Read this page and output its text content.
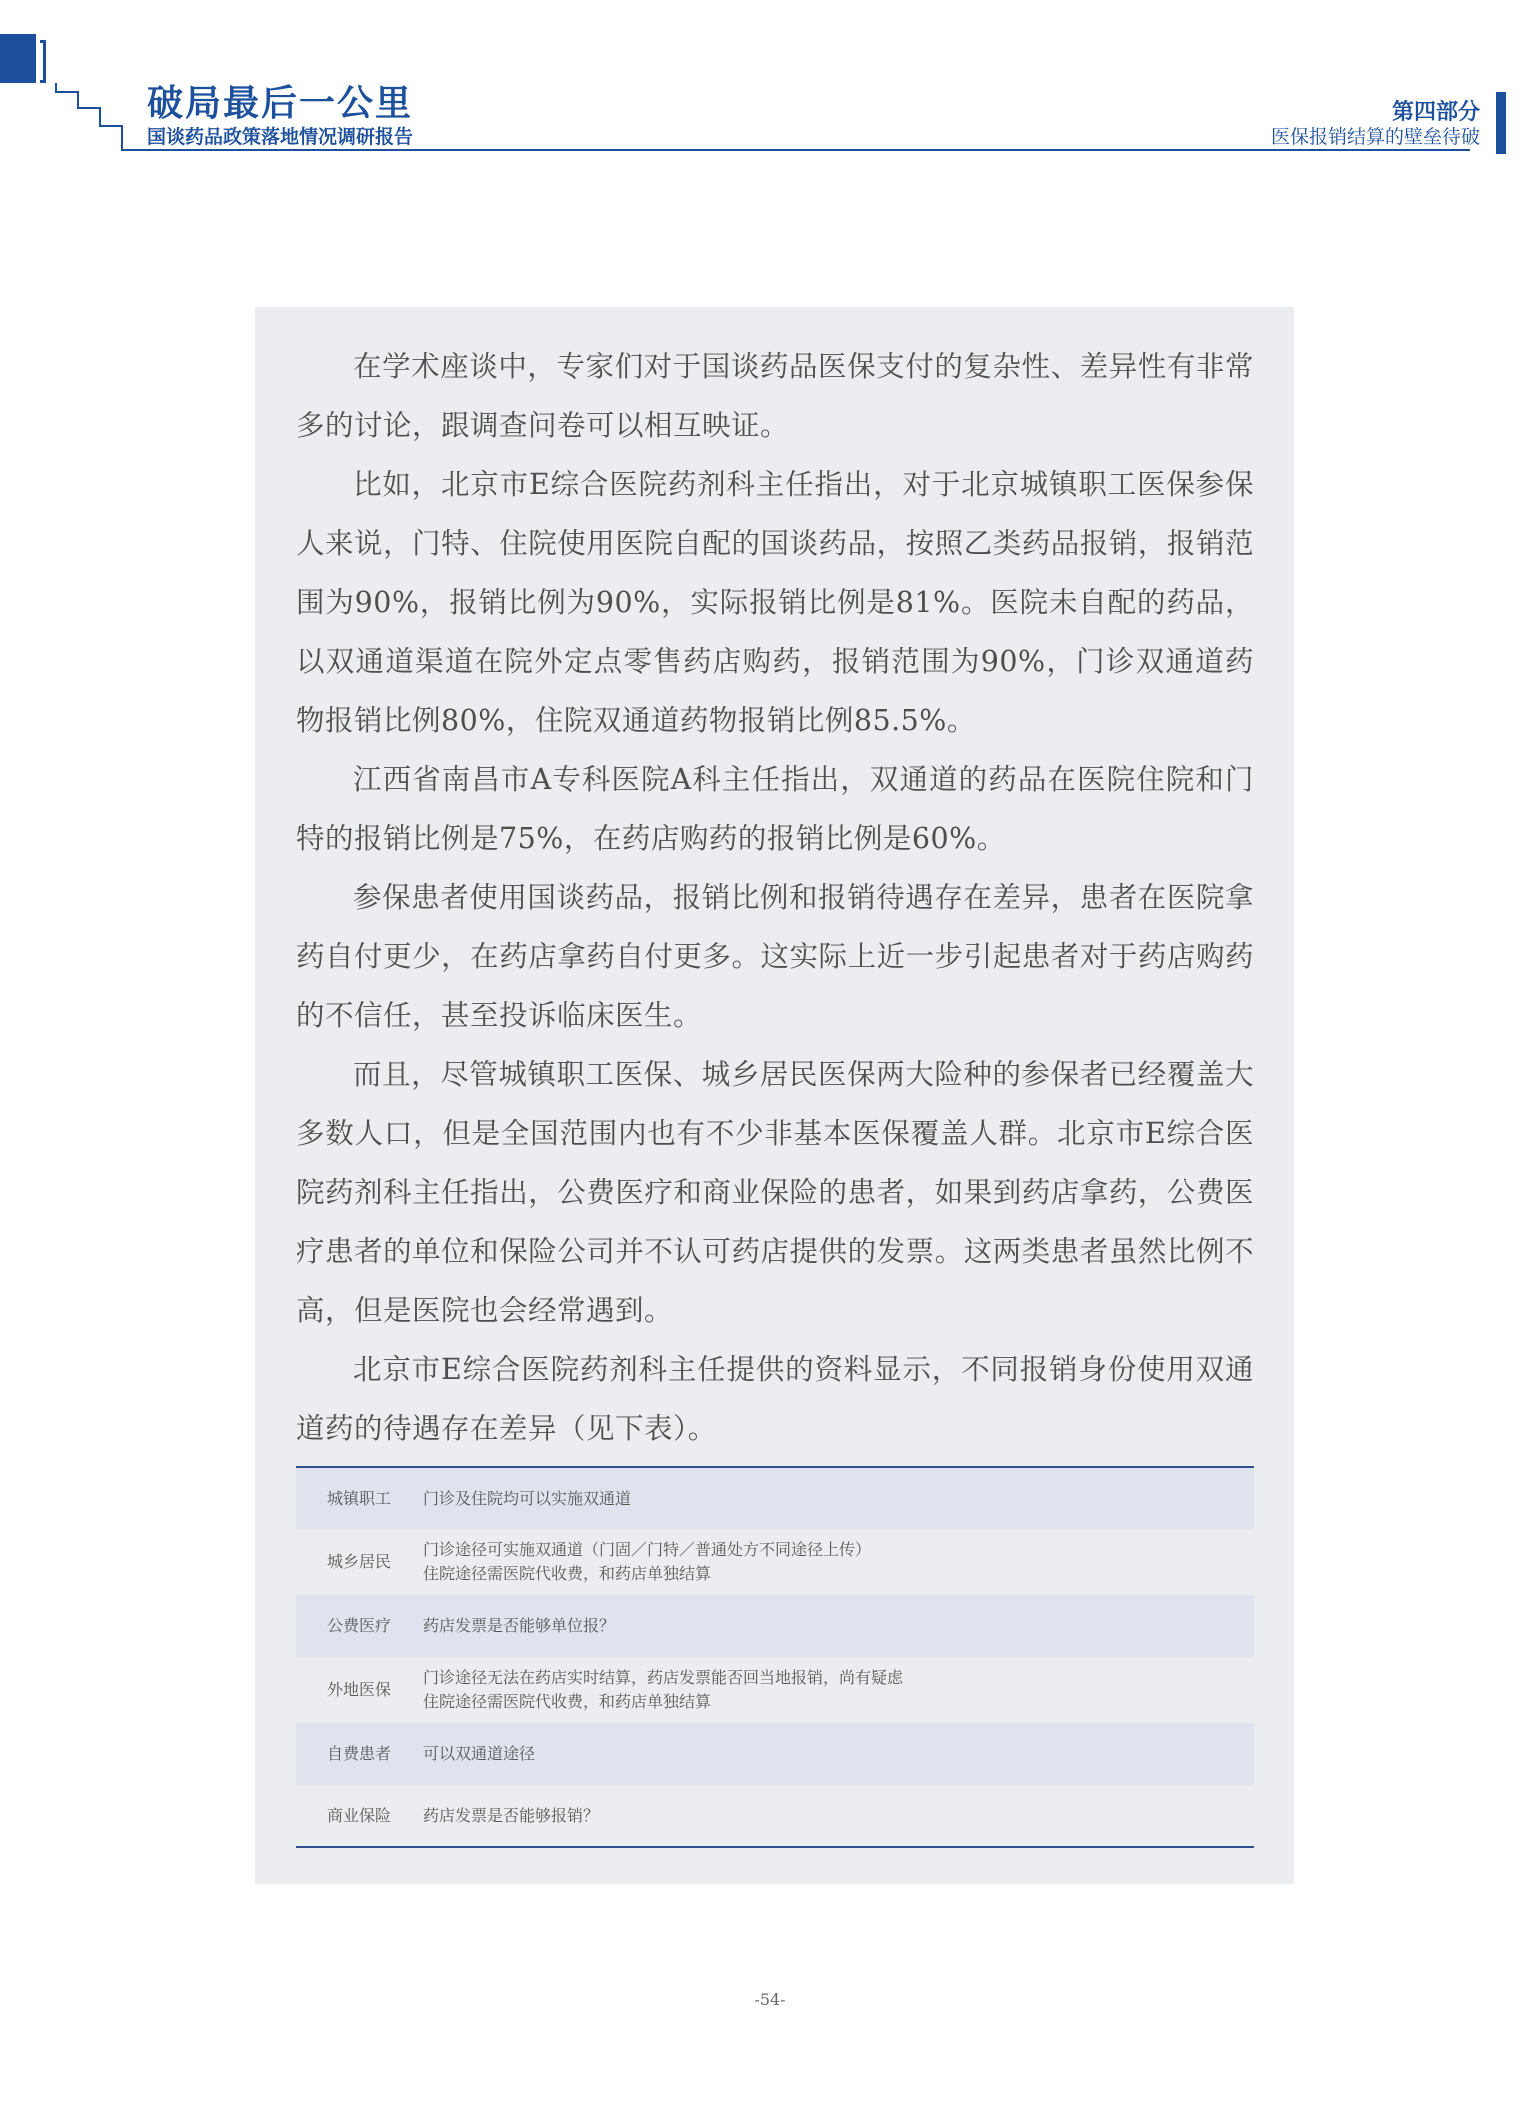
破局最后一公里
国谈药品政策落地情况调研报告
第四部分
医保报销结算的壁垒待破

在学术座谈中，专家们对于国谈药品医保支付的复杂性、差异性有非常多的讨论，跟调查问卷可以相互映证。

比如，北京市E综合医院药剂科主任指出，对于北京城镇职工医保参保人来说，门特、住院使用医院自配的国谈药品，按照乙类药品报销，报销范围为90%，报销比例为90%，实际报销比例是81%。医院未自配的药品，以双通道渠道在院外定点零售药店购药，报销范围为90%，门诊双通道药物报销比例80%，住院双通道药物报销比例85.5%。

江西省南昌市A专科医院A科主任指出，双通道的药品在医院住院和门特的报销比例是75%，在药店购药的报销比例是60%。

参保患者使用国谈药品，报销比例和报销待遇存在差异，患者在医院拿药自付更少，在药店拿药自付更多。这实际上近一步引起患者对于药店购药的不信任，甚至投诉临床医生。

而且，尽管城镇职工医保、城乡居民医保两大险种的参保者已经覆盖大多数人口，但是全国范围内也有不少非基本医保覆盖人群。北京市E综合医院药剂科主任指出，公费医疗和商业保险的患者，如果到药店拿药，公费医疗患者的单位和保险公司并不认可药店提供的发票。这两类患者虽然比例不高，但是医院也会经常遇到。

北京市E综合医院药剂科主任提供的资料显示，不同报销身份使用双通道药的待遇存在差异（见下表）。

城镇职工	门诊及住院均可以实施双通道

城乡居民	门诊途径可实施双通道（门固／门特／普通处方不同途径上传）
住院途径需医院代收费，和药店单独结算

公费医疗	药店发票是否能够单位报？

外地医保	门诊途径无法在药店实时结算，药店发票能否回当地报销，尚有疑虑
住院途径需医院代收费，和药店单独结算

自费患者	可以双通道途径

商业保险	药店发票是否能够报销？
-54-
